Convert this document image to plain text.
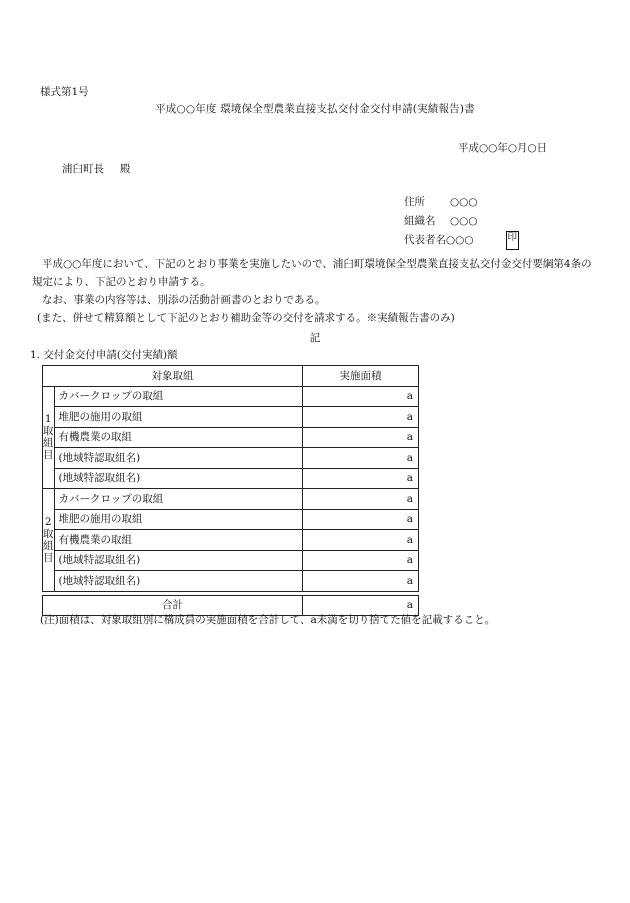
様式第1号
平成○○年度 環境保全型農業直接支払交付金交付申請(実績報告)書
平成○○年○月○日
浦臼町長 殿
住所	○○○
組織名	○○○
代表者名 ○○○	印

平成○○年度において、下記のとおり事業を実施したいので、浦臼町環境保全型農業直接支払交付金交付要綱第4条の規定により、下記のとおり申請する。

なお、事業の内容等は、別添の活動計画書のとおりである。

(また、併せて精算額として下記のとおり補助金等の交付を請求する。※実績報告書のみ)

記
1. 交付金交付申請(交付実績)額
対象取組		実施面積

1
取
組
目	カバークロップの取組	a
	堆肥の施用の取組	a
	有機農業の取組	a
	(地域特認取組名)	a
	(地域特認取組名)	a

2
取
組
目	カバークロップの取組	a
	堆肥の施用の取組	a
	有機農業の取組	a
	(地域特認取組名)	a
	(地域特認取組名)	a

合計		a
(注)面積は、対象取組別に構成員の実施面積を合計して、a未満を切り捨てた値を記載すること。
